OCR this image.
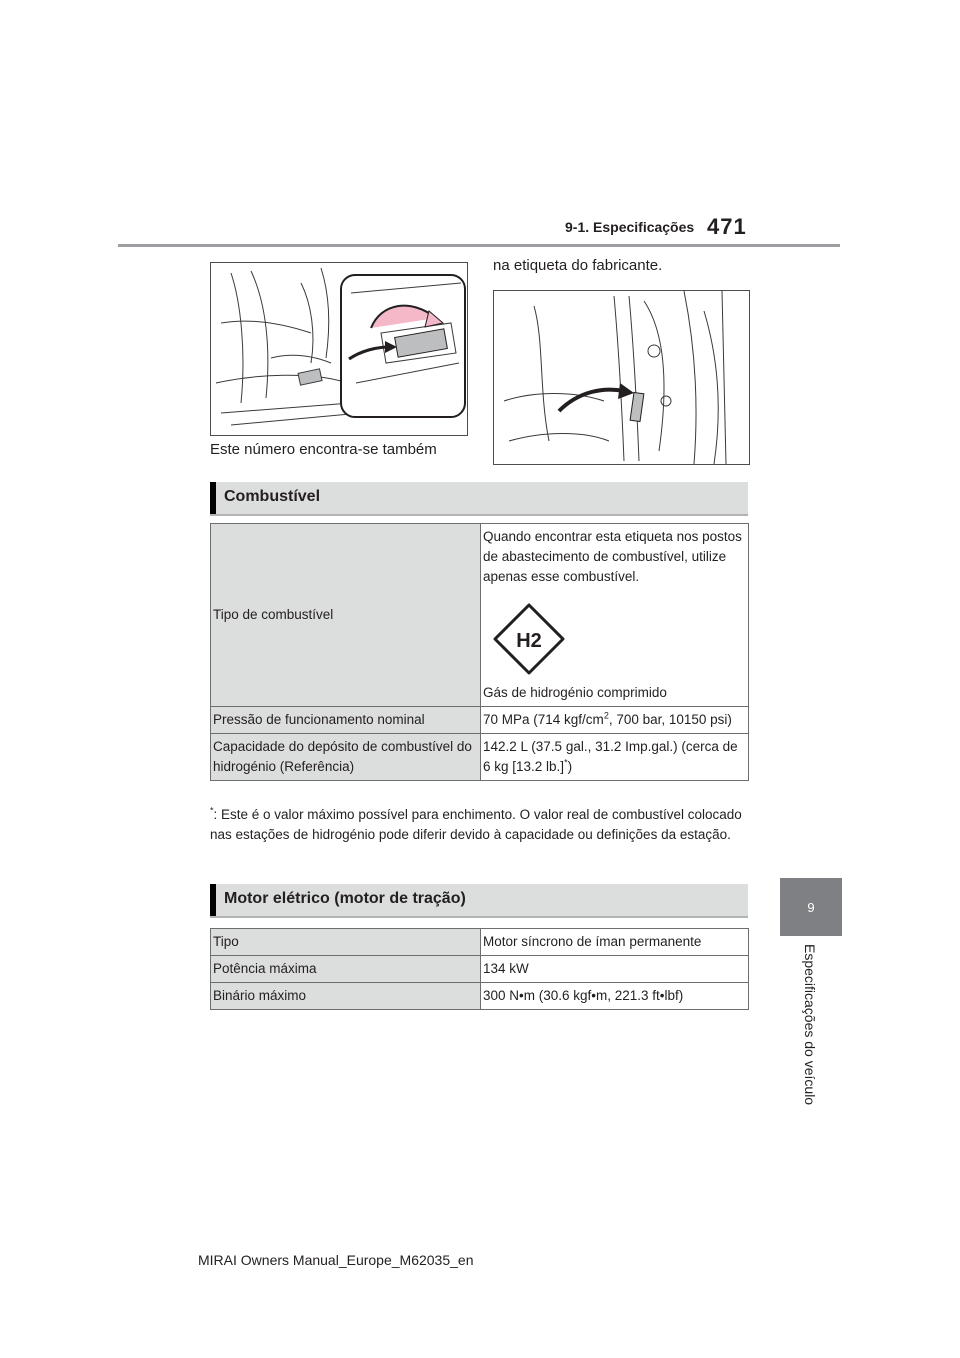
9-1. Especificações 471
9
Especificações do veículo
Este número encontra-se também
na etiqueta do fabricante.
Combustível
Tipo de combustível	Quando encontrar esta etiqueta nos postos de abastecimento de combustível, utilize apenas esse combustível.
H2
Gás de hidrogénio comprimido

Pressão de funcionamento nominal	70 MPa (714 kgf/$cm^2$, 700 bar, 10150 psi)
Capacidade do depósito de combustível do hidrogénio (Referência)	142.2 L (37.5 gal., 31.2 Imp.gal.) (cerca de 6 kg [13.2 lb.]*)
*: Este é o valor máximo possível para enchimento. O valor real de combustível colocado nas estações de hidrogénio pode diferir devido à capacidade ou definições da estação.
Motor elétrico (motor de tração)
Tipo	Motor síncrono de íman permanente
Potência máxima	134 kW
Binário máximo	300 N•m (30.6 kgf•m, 221.3 ft•lbf)
MIRAI Owners Manual_Europe_M62035_en
